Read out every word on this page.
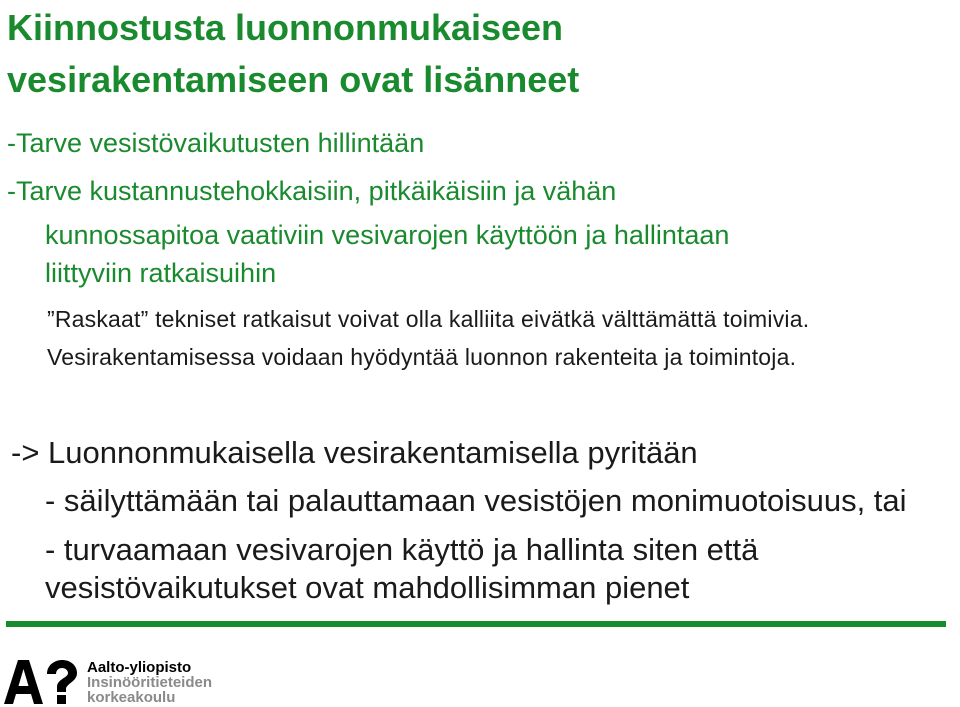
Kiinnostusta luonnonmukaiseen
vesirakentamiseen ovat lisänneet

-Tarve vesistövaikutusten hillintään

-Tarve kustannustehokkaisiin, pitkäikäisiin ja vähän

kunnossapitoa vaativiin vesivarojen käyttöön ja hallintaan

liittyviin ratkaisuihin

”Raskaat” tekniset ratkaisut voivat olla kalliita eivätkä välttämättä toimivia.

Vesirakentamisessa voidaan hyödyntää luonnon rakenteita ja toimintoja.

-> Luonnonmukaisella vesirakentamisella pyritään

- säilyttämään tai palauttamaan vesistöjen monimuotoisuus, tai

- turvaamaan vesivarojen käyttö ja hallinta siten että

vesistövaikutukset ovat mahdollisimman pienet

Aalto-yliopisto
Insinööritieteiden
korkeakoulu
